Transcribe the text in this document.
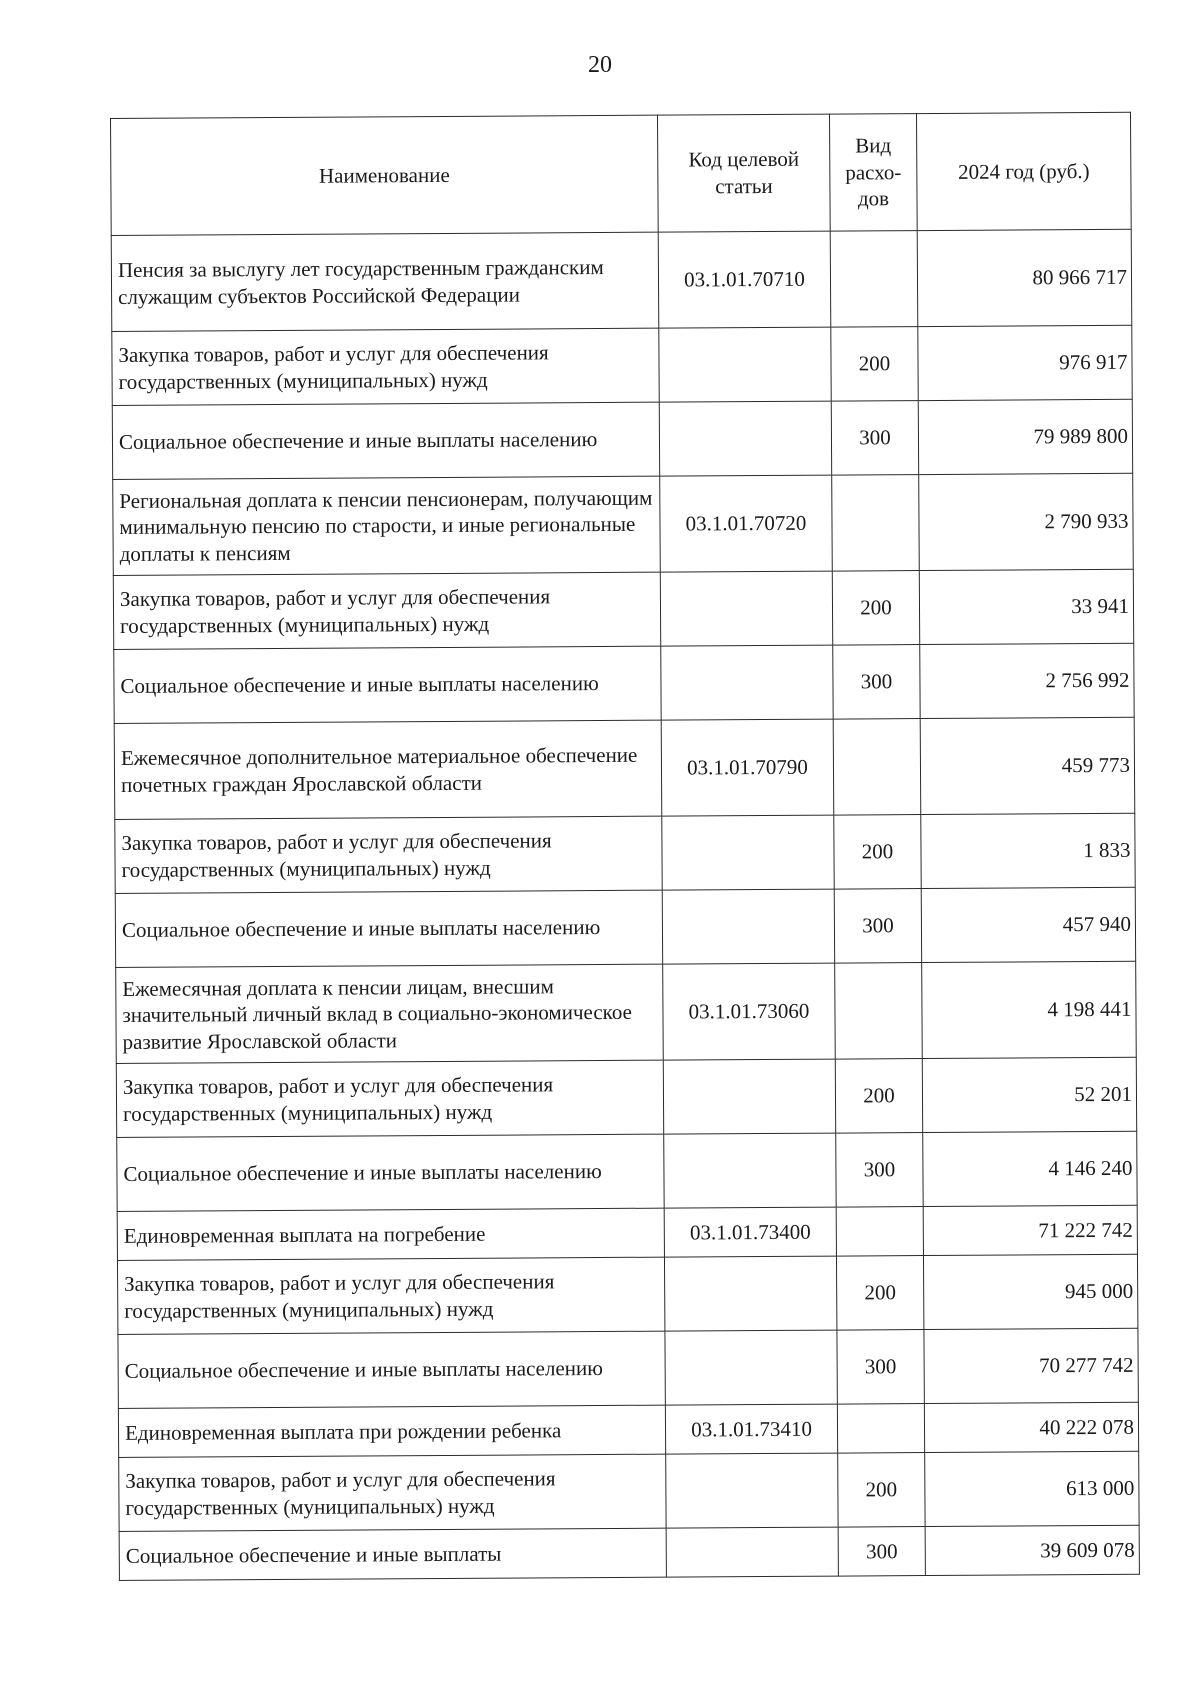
20
Наименование	Код целевой статьи	Вид расхо-дов	2024 год (руб.)
Пенсия за выслугу лет государственным гражданским служащим субъектов Российской Федерации	03.1.01.70710		80 966 717
Закупка товаров, работ и услуг для обеспечения государственных (муниципальных) нужд		200	976 917
Социальное обеспечение и иные выплаты населению		300	79 989 800
Региональная доплата к пенсии пенсионерам, получающим минимальную пенсию по старости, и иные региональные доплаты к пенсиям	03.1.01.70720		2 790 933
Закупка товаров, работ и услуг для обеспечения государственных (муниципальных) нужд		200	33 941
Социальное обеспечение и иные выплаты населению		300	2 756 992
Ежемесячное дополнительное материальное обеспечение почетных граждан Ярославской области	03.1.01.70790		459 773
Закупка товаров, работ и услуг для обеспечения государственных (муниципальных) нужд		200	1 833
Социальное обеспечение и иные выплаты населению		300	457 940
Ежемесячная доплата к пенсии лицам, внесшим значительный личный вклад в социально-экономическое развитие Ярославской области	03.1.01.73060		4 198 441
Закупка товаров, работ и услуг для обеспечения государственных (муниципальных) нужд		200	52 201
Социальное обеспечение и иные выплаты населению		300	4 146 240
Единовременная выплата на погребение	03.1.01.73400		71 222 742
Закупка товаров, работ и услуг для обеспечения государственных (муниципальных) нужд		200	945 000
Социальное обеспечение и иные выплаты населению		300	70 277 742
Единовременная выплата при рождении ребенка	03.1.01.73410		40 222 078
Закупка товаров, работ и услуг для обеспечения государственных (муниципальных) нужд		200	613 000
Социальное обеспечение и иные выплаты		300	39 609 078
